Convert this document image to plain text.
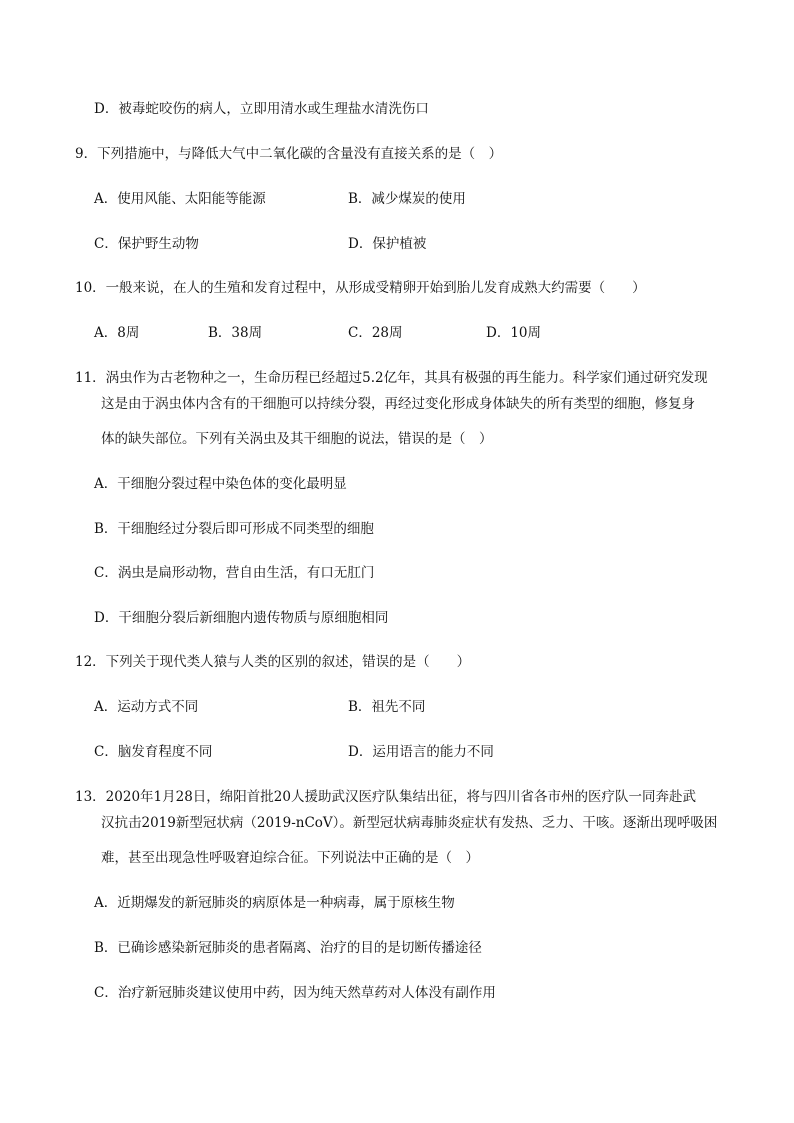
D．被毒蛇咬伤的病人，立即用清水或生理盐水清洗伤口
9．下列措施中，与降低大气中二氧化碳的含量没有直接关系的是（　）
A．使用风能、太阳能等能源	B．减少煤炭的使用
C．保护野生动物	D．保护植被
10．一般来说，在人的生殖和发育过程中，从形成受精卵开始到胎儿发育成熟大约需要（　　）
A．8周	B．38周	C．28周	D．10周
11．涡虫作为古老物种之一，生命历程已经超过5.2亿年，其具有极强的再生能力。科学家们通过研究发现
这是由于涡虫体内含有的干细胞可以持续分裂，再经过变化形成身体缺失的所有类型的细胞，修复身
体的缺失部位。下列有关涡虫及其干细胞的说法，错误的是（　）
A．干细胞分裂过程中染色体的变化最明显
B．干细胞经过分裂后即可形成不同类型的细胞
C．涡虫是扁形动物，营自由生活，有口无肛门
D．干细胞分裂后新细胞内遗传物质与原细胞相同
12．下列关于现代类人猿与人类的区别的叙述，错误的是（　　）
A．运动方式不同	B．祖先不同
C．脑发育程度不同	D．运用语言的能力不同
13．2020年1月28日，绵阳首批20人援助武汉医疗队集结出征，将与四川省各市州的医疗队一同奔赴武
汉抗击2019新型冠状病（2019-nCoV）。新型冠状病毒肺炎症状有发热、乏力、干咳。逐渐出现呼吸困
难，甚至出现急性呼吸窘迫综合征。下列说法中正确的是（　）
A．近期爆发的新冠肺炎的病原体是一种病毒，属于原核生物
B．已确诊感染新冠肺炎的患者隔离、治疗的目的是切断传播途径
C．治疗新冠肺炎建议使用中药，因为纯天然草药对人体没有副作用
